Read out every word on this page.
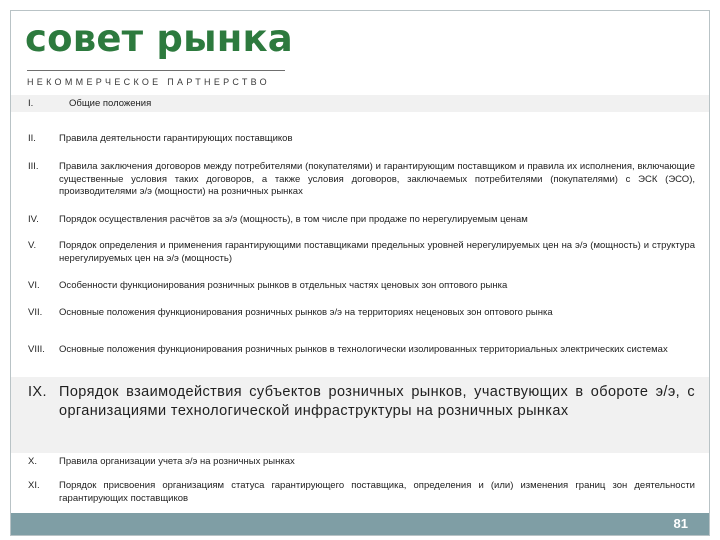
совет рынка
НЕКОММЕРЧЕСКОЕ ПАРТНЕРСТВО
I.	Общие положения
II.	Правила деятельности гарантирующих поставщиков
III.	Правила заключения договоров между потребителями (покупателями) и гарантирующим поставщиком и правила их исполнения, включающие существенные условия таких договоров, а также условия договоров, заключаемых потребителями (покупателями) с ЭСК (ЭСО), производителями э/э (мощности) на розничных рынках
IV.	Порядок осуществления расчётов за э/э (мощность), в том числе при продаже по нерегулируемым ценам
V.	Порядок определения и применения гарантирующими поставщиками предельных уровней нерегулируемых цен на э/э (мощность) и структура нерегулируемых цен на э/э (мощность)
VI.	Особенности функционирования розничных рынков в отдельных частях ценовых зон оптового рынка
VII.	Основные положения функционирования розничных рынков э/э на территориях неценовых зон оптового рынка
VIII.	Основные положения функционирования розничных рынков в технологически изолированных территориальных электрических системах
IX. Порядок взаимодействия субъектов розничных рынков, участвующих в обороте э/э, с организациями технологической инфраструктуры на розничных рынках
X.	Правила организации учета э/э на розничных рынках
XI.	Порядок присвоения организациям статуса гарантирующего поставщика, определения и (или) изменения границ зон деятельности гарантирующих поставщиков
81
